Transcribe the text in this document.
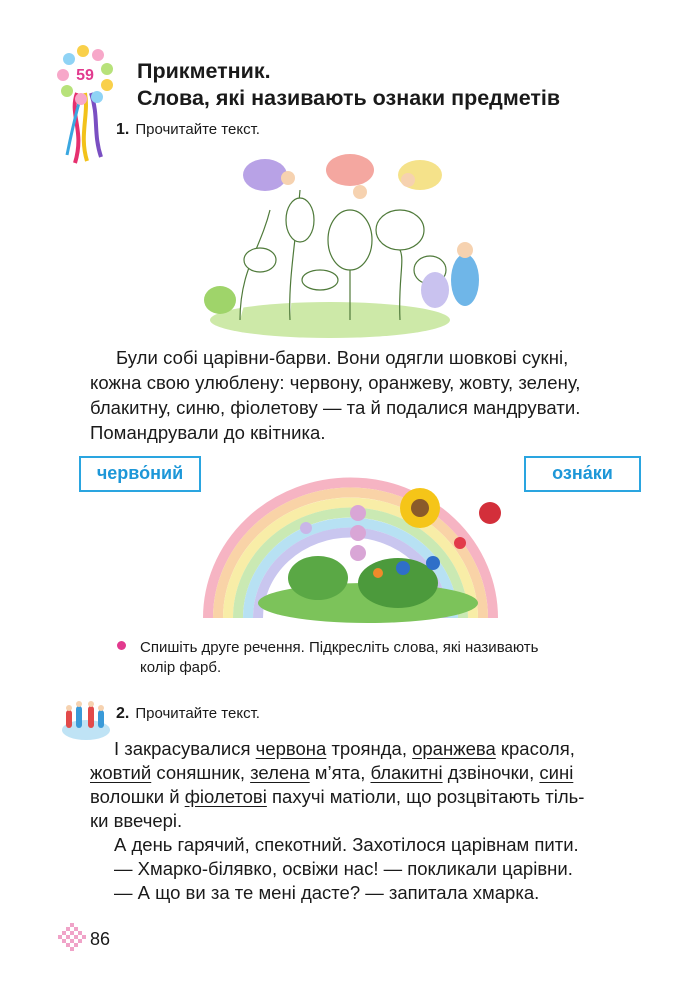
59	Прикметник.
Слова, які називають ознаки предметів
1. Прочитайте текст.
Були собі царівни-барви. Вони одягли шовкові сукні,
кожна свою улюблену: червону, оранжеву, жовту, зелену,
блакитну, синю, фіолетову — та й подалися мандрувати.
Помандрували до квітника.
черво́ний	озна́ки
Спишіть друге речення. Підкресліть слова, які називають
колір фарб.
2. Прочитайте текст.
І закрасувалися червона троянда, оранжева красоля,
жовтий соняшник, зелена м’ята, блакитні дзвіночки, сині
волошки й фіолетові пахучі матіоли, що розцвітають тіль-
ки ввечері.
А день гарячий, спекотний. Захотілося царівнам пити.
— Хмарко-білявко, освіжи нас! — покликали царівни.
— А що ви за те мені дасте? — запитала хмарка.
86
